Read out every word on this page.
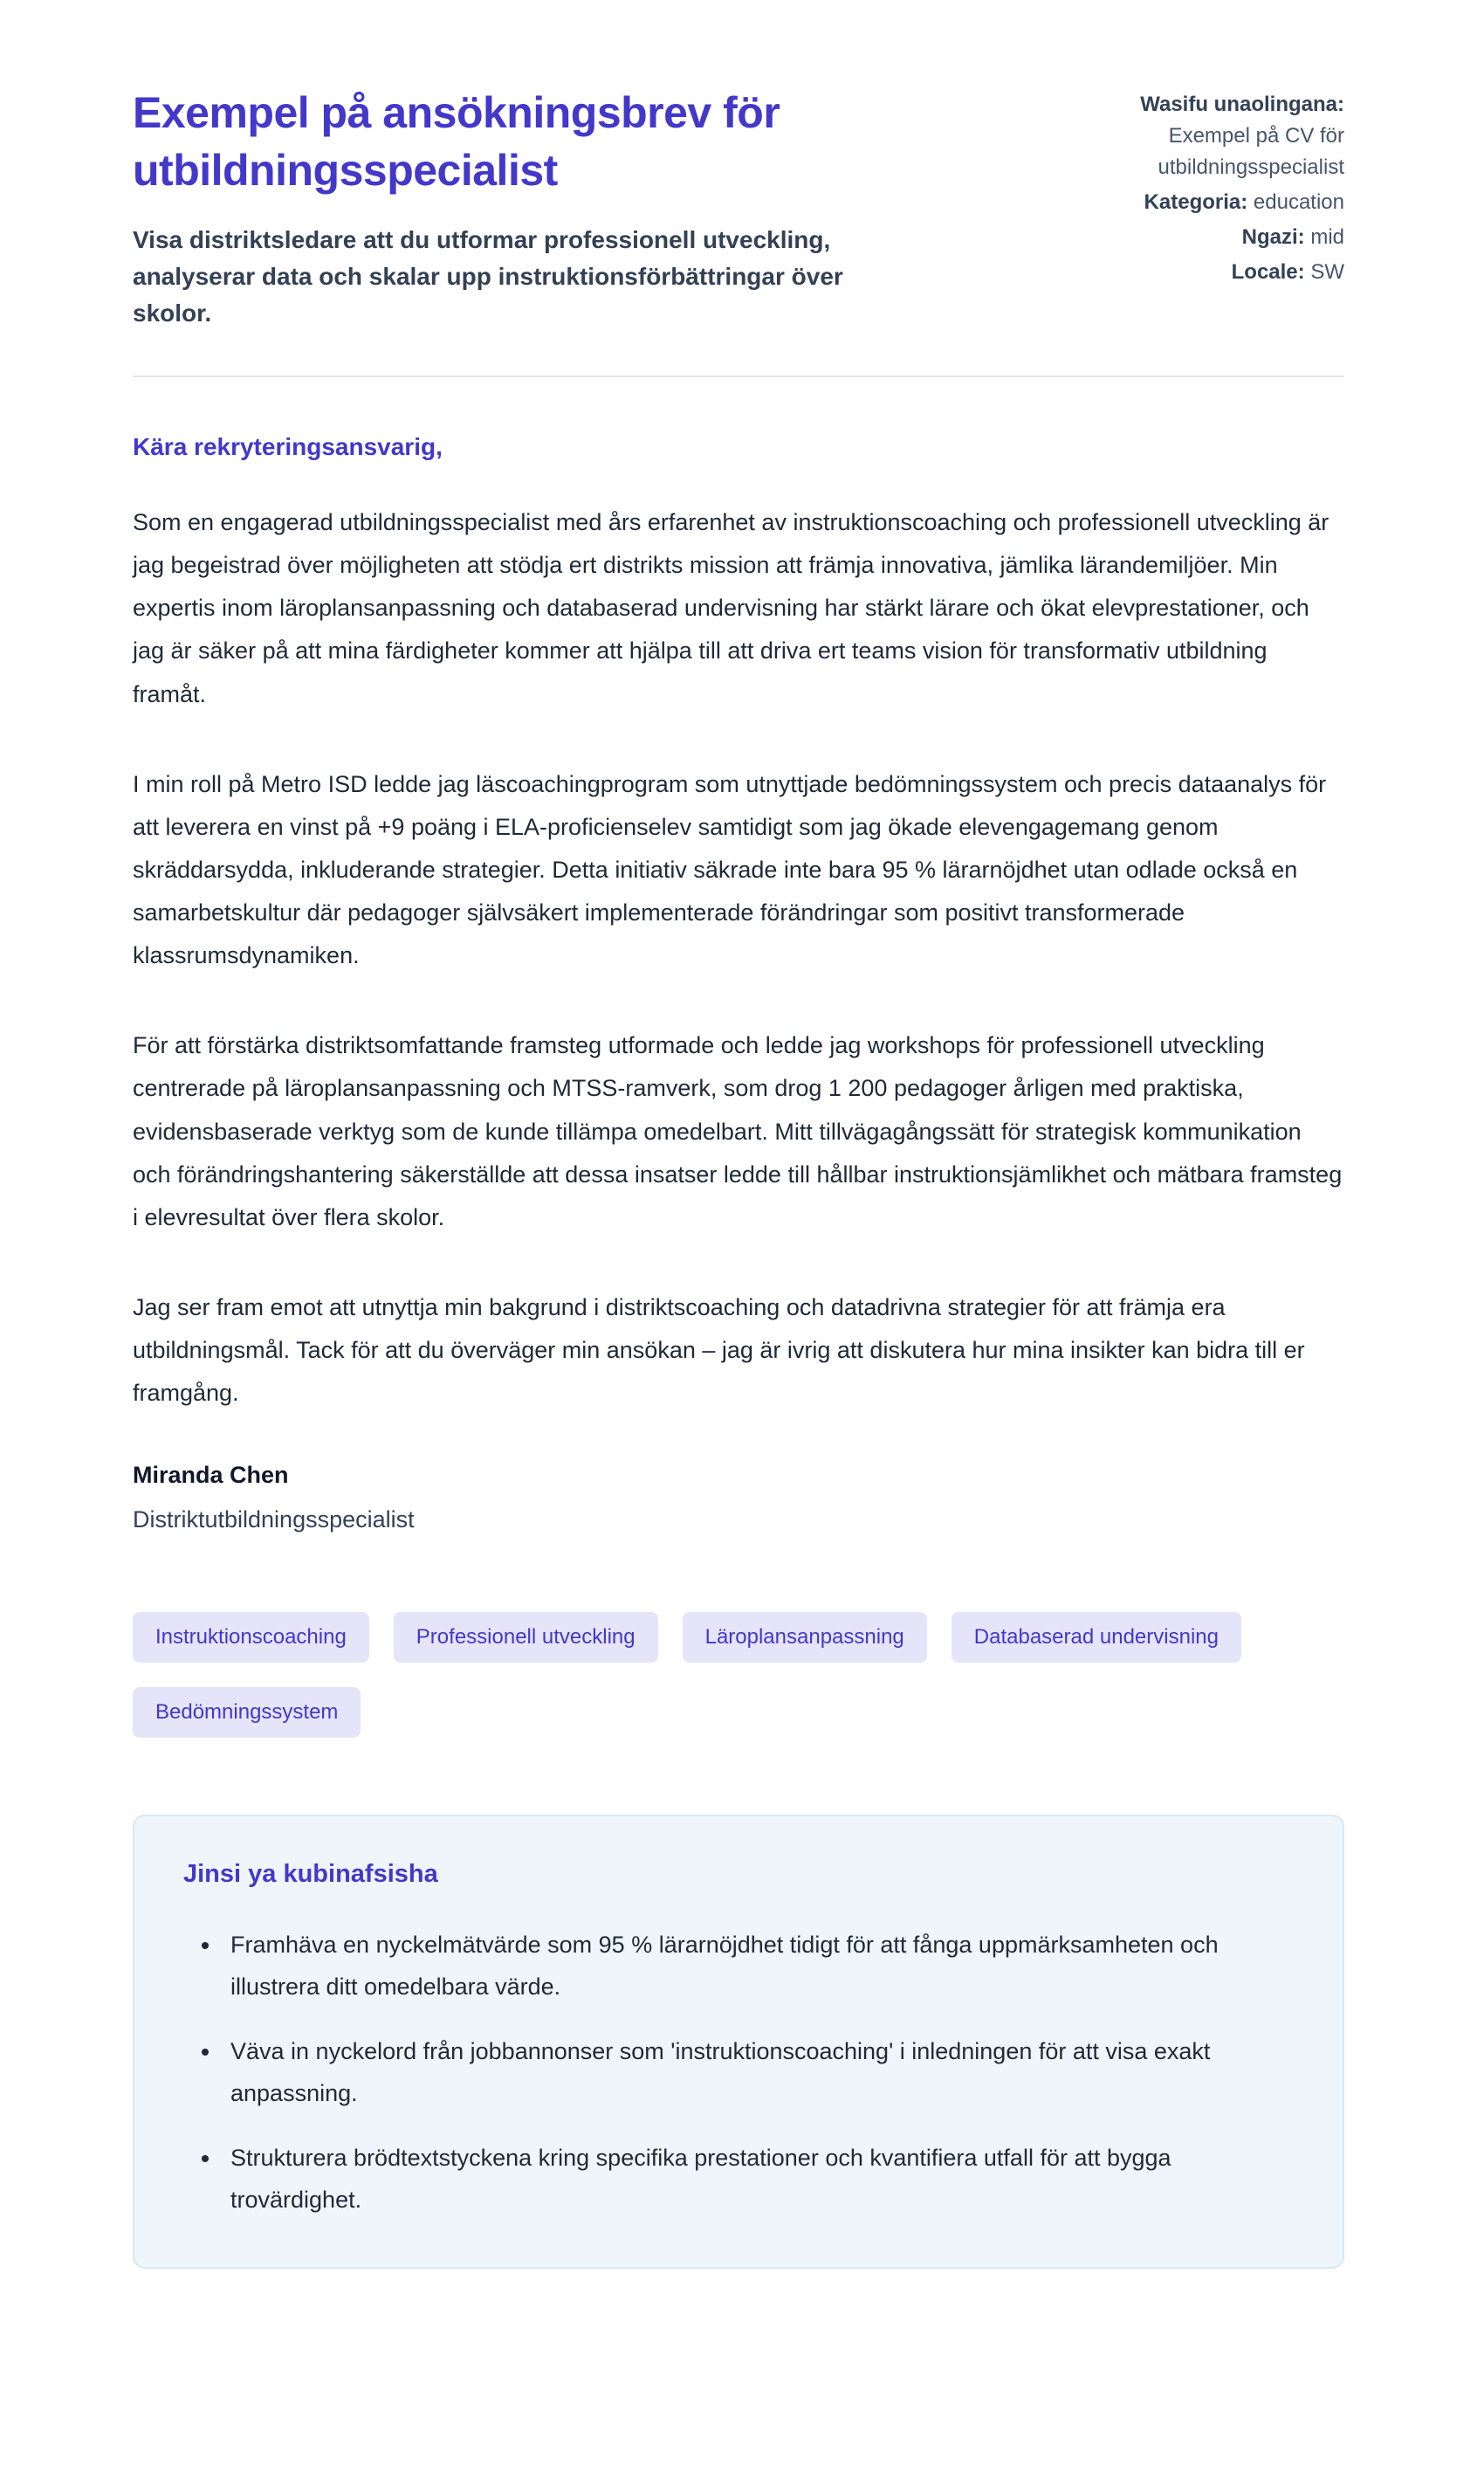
Exempel på ansökningsbrev för utbildningsspecialist
Visa distriktsledare att du utformar professionell utveckling, analyserar data och skalar upp instruktionsförbättringar över skolor.
Wasifu unaolingana: Exempel på CV för utbildningsspecialist
Kategoria: education
Ngazi: mid
Locale: SW
Kära rekryteringsansvarig,

Som en engagerad utbildningsspecialist med års erfarenhet av instruktionscoaching och professionell utveckling är jag begeistrad över möjligheten att stödja ert distrikts mission att främja innovativa, jämlika lärandemiljöer. Min expertis inom läroplansanpassning och databaserad undervisning har stärkt lärare och ökat elevprestationer, och jag är säker på att mina färdigheter kommer att hjälpa till att driva ert teams vision för transformativ utbildning framåt.

I min roll på Metro ISD ledde jag läscoachingprogram som utnyttjade bedömningssystem och precis dataanalys för att leverera en vinst på +9 poäng i ELA-proficienselev samtidigt som jag ökade elevengagemang genom skräddarsydda, inkluderande strategier. Detta initiativ säkrade inte bara 95 % lärarnöjdhet utan odlade också en samarbetskultur där pedagoger självsäkert implementerade förändringar som positivt transformerade klassrumsdynamiken.

För att förstärka distriktsomfattande framsteg utformade och ledde jag workshops för professionell utveckling centrerade på läroplansanpassning och MTSS-ramverk, som drog 1 200 pedagoger årligen med praktiska, evidensbaserade verktyg som de kunde tillämpa omedelbart. Mitt tillvägagångssätt för strategisk kommunikation och förändringshantering säkerställde att dessa insatser ledde till hållbar instruktionsjämlikhet och mätbara framsteg i elevresultat över flera skolor.

Jag ser fram emot att utnyttja min bakgrund i distriktscoaching och datadrivna strategier för att främja era utbildningsmål. Tack för att du överväger min ansökan – jag är ivrig att diskutera hur mina insikter kan bidra till er framgång.

Miranda Chen
Distriktutbildningsspecialist
Instruktionscoaching	Professionell utveckling	Läroplansanpassning	Databaserad undervisning
Bedömningssystem
Jinsi ya kubinafsisha
• Framhäva en nyckelmätvärde som 95 % lärarnöjdhet tidigt för att fånga uppmärksamheten och illustrera ditt omedelbara värde.
• Väva in nyckelord från jobbannonser som 'instruktionscoaching' i inledningen för att visa exakt anpassning.
• Strukturera brödtextstyckena kring specifika prestationer och kvantifiera utfall för att bygga trovärdighet.
